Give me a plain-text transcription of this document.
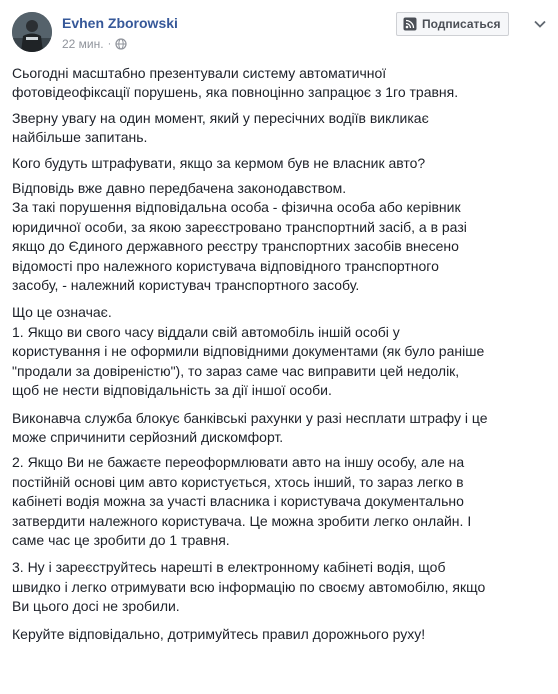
Evhen Zborowski
22 мин. ·
Подписаться
Сьогодні масштабно презентували систему автоматичної
фотовідеофіксації порушень, яка повноцінно запрацює з 1го травня.
Зверну увагу на один момент, який у пересічних водіїв викликає
найбільше запитань.
Кого будуть штрафувати, якщо за кермом був не власник авто?
Відповідь вже давно передбачена законодавством.
За такі порушення відповідальна особа - фізична особа або керівник
юридичної особи, за якою зареєстровано транспортний засіб, а в разі
якщо до Єдиного державного реєстру транспортних засобів внесено
відомості про належного користувача відповідного транспортного
засобу, - належний користувач транспортного засобу.
Що це означає.
1. Якщо ви свого часу віддали свій автомобіль іншій особі у
користування і не оформили відповідними документами (як було раніше
"продали за довіреністю"), то зараз саме час виправити цей недолік,
щоб не нести відповідальність за дії іншої особи.
Виконавча служба блокує банківські рахунки у разі несплати штрафу і це
може спричинити серйозний дискомфорт.
2. Якщо Ви не бажаєте переоформлювати авто на іншу особу, але на
постійній основі цим авто користується, хтось інший, то зараз легко в
кабінеті водія можна за участі власника і користувача документально
затвердити належного користувача. Це можна зробити легко онлайн. І
саме час це зробити до 1 травня.
3. Ну і зареєструйтесь нарешті в електронному кабінеті водія, щоб
швидко і легко отримувати всю інформацію по своєму автомобілю, якщо
Ви цього досі не зробили.
Керуйте відповідально, дотримуйтесь правил дорожнього руху!
